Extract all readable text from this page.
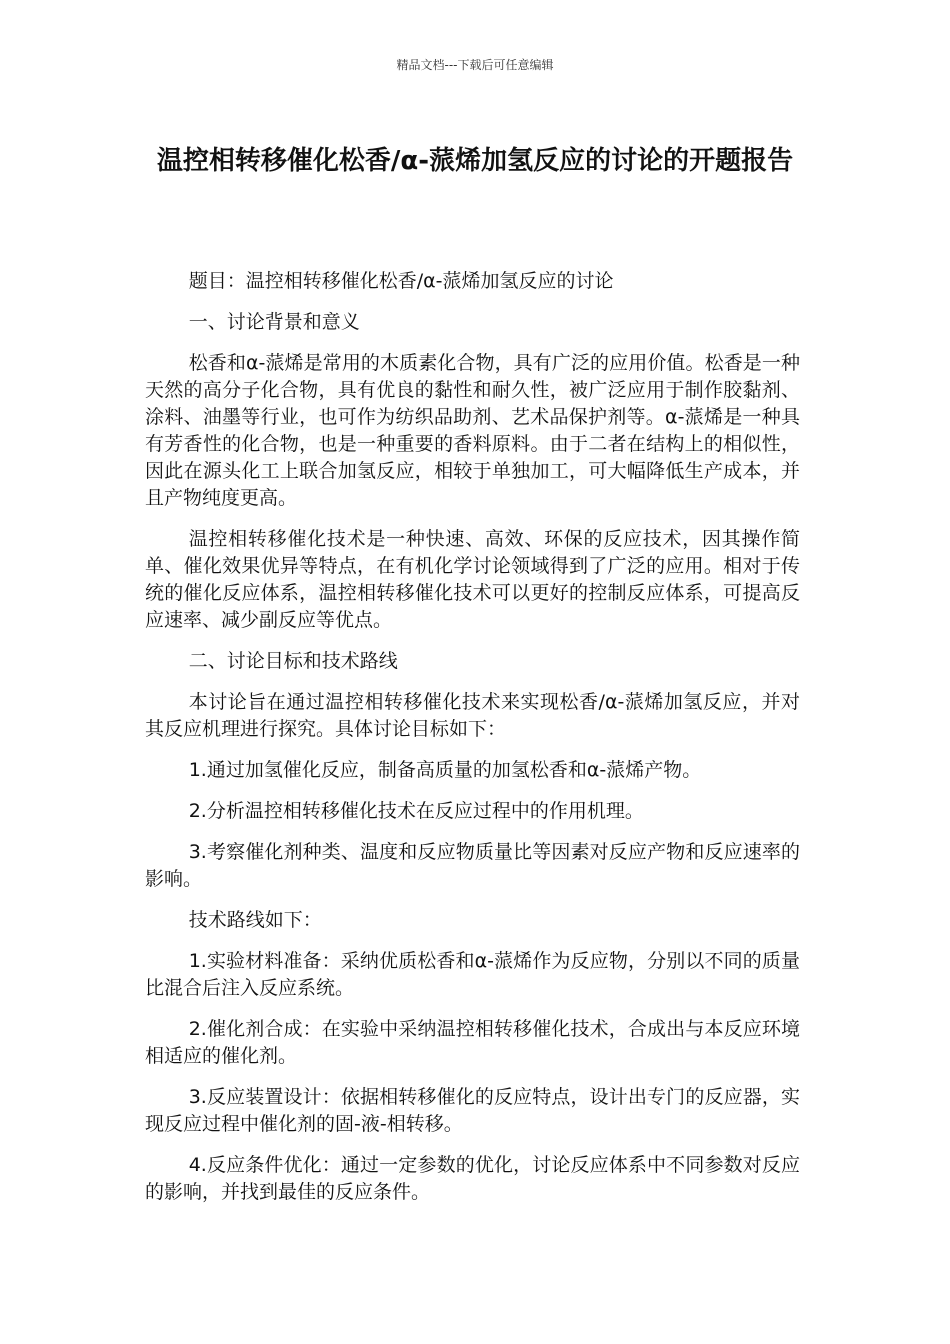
精品文档---下载后可任意编辑
温控相转移催化松香/α-蒎烯加氢反应的讨论的开题报告

题目：温控相转移催化松香/α-蒎烯加氢反应的讨论

一、讨论背景和意义

松香和α-蒎烯是常用的木质素化合物，具有广泛的应用价值。松香是一种天然的高分子化合物，具有优良的黏性和耐久性，被广泛应用于制作胶黏剂、涂料、油墨等行业，也可作为纺织品助剂、艺术品保护剂等。α-蒎烯是一种具有芳香性的化合物，也是一种重要的香料原料。由于二者在结构上的相似性，因此在源头化工上联合加氢反应，相较于单独加工，可大幅降低生产成本，并且产物纯度更高。

温控相转移催化技术是一种快速、高效、环保的反应技术，因其操作简单、催化效果优异等特点，在有机化学讨论领域得到了广泛的应用。相对于传统的催化反应体系，温控相转移催化技术可以更好的控制反应体系，可提高反应速率、减少副反应等优点。

二、讨论目标和技术路线

本讨论旨在通过温控相转移催化技术来实现松香/α-蒎烯加氢反应，并对其反应机理进行探究。具体讨论目标如下：

1.通过加氢催化反应，制备高质量的加氢松香和α-蒎烯产物。

2.分析温控相转移催化技术在反应过程中的作用机理。

3.考察催化剂种类、温度和反应物质量比等因素对反应产物和反应速率的影响。

技术路线如下：

1.实验材料准备：采纳优质松香和α-蒎烯作为反应物，分别以不同的质量比混合后注入反应系统。

2.催化剂合成：在实验中采纳温控相转移催化技术，合成出与本反应环境相适应的催化剂。

3.反应装置设计：依据相转移催化的反应特点，设计出专门的反应器，实现反应过程中催化剂的固-液-相转移。

4.反应条件优化：通过一定参数的优化，讨论反应体系中不同参数对反应的影响，并找到最佳的反应条件。
